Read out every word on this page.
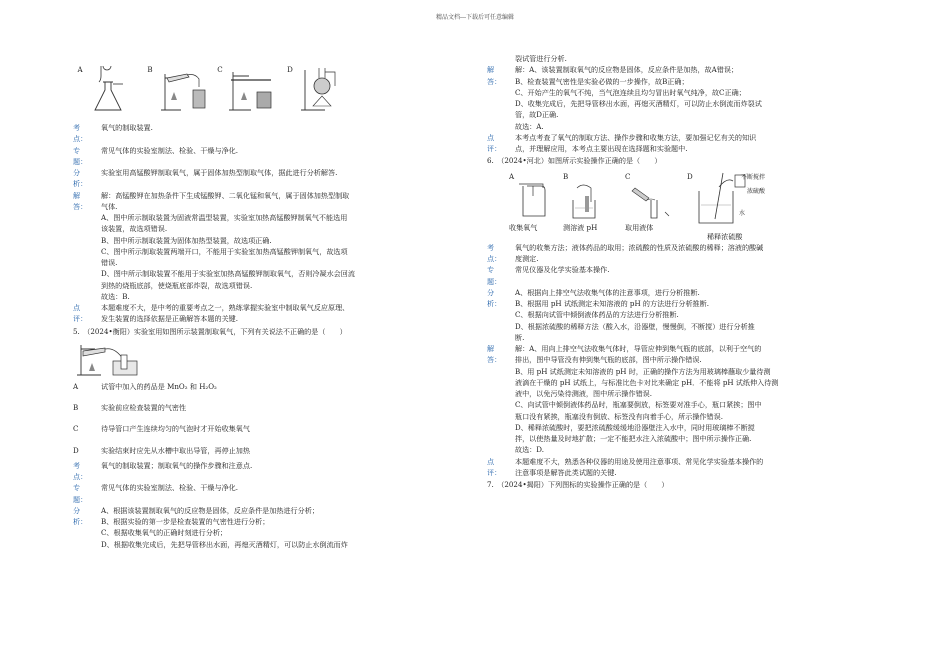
精品文档---下载后可任意编辑
A	B	C	D
考
点：
氧气的制取装置.
专
题：
常见气体的实验室制法、检验、干燥与净化.
分
析：
实验室用高锰酸钾制取氧气，属于固体加热型制取气体，据此进行分析解答.
解
答：
解：高锰酸钾在加热条件下生成锰酸钾、二氧化锰和氧气，属于固体加热型制取
气体.
A、图中所示制取装置为固液常温型装置，实验室加热高锰酸钾制氧气不能选用
该装置，故选项错误.
B、图中所示制取装置为固体加热型装置，故选项正确.
C、图中所示制取装置两端开口，不能用于实验室加热高锰酸钾制氧气，故选项
错误.
D、图中所示制取装置不能用于实验室加热高锰酸钾制取氧气，否则冷凝水会回流
到热的烧瓶底部，使烧瓶底部炸裂，故选项错误.
故选：B.
点
评：
本题难度不大，是中考的重要考点之一，熟练掌握实验室中制取氧气反应原理、
发生装置的选择依据是正确解答本题的关键.
5.　（2024•衡阳）实验室用如图所示装置制取氧气，下列有关说法不正确的是（　　）
A	试管中加入的药品是 MnO₂ 和 H₂O₂
B	实验前应检查装置的气密性
C	待导管口产生连续均匀的气泡时才开始收集氧气
D	实验结束时应先从水槽中取出导管，再停止加热
考
点：
氧气的制取装置；制取氧气的操作步骤和注意点.
专
题：
常见气体的实验室制法、检验、干燥与净化.
分
析：
A、根据该装置制取氧气的反应物是固体，反应条件是加热进行分析；
B、根据实验的第一步是检查装置的气密性进行分析；
C、根据收集氧气的正确时刻进行分析；
D、根据收集完成后，先把导管移出水面，再熄灭酒精灯，可以防止水倒流而炸
裂试管进行分析.
解
答：
解：A、该装置制取氧气的反应物是固体，反应条件是加热，故A错误；
B、检查装置气密性是实验必做的一步操作，故B正确；
C、开始产生的氧气不纯，当气泡连续且均匀冒出时氧气纯净，故C正确；
D、收集完成后，先把导管移出水面，再熄灭酒精灯，可以防止水倒流而炸裂试
管，故D正确.
故选：A.
点
评：
本考点考查了氧气的制取方法、操作步骤和收集方法，要加强记忆有关的知识
点，并理解应用，本考点主要出现在选择题和实验题中.
6.　（2024•河北）如图所示实验操作正确的是（　　）
A
收集氧气
B
测溶液 pH
C
取用液体
D	不断搅拌
浓硫酸
水
稀释浓硫酸
考
点：
氧气的收集方法；液体药品的取用；浓硫酸的性质及浓硫酸的稀释；溶液的酸碱
度测定.
专
题：
常见仪器及化学实验基本操作.
分
析：
A、根据向上排空气法收集气体的注意事项，进行分析推断.
B、根据用 pH 试纸测定未知溶液的 pH 的方法进行分析推断.
C、根据向试管中倾倒液体药品的方法进行分析推断.
D、根据浓硫酸的稀释方法（酸入水，沿器壁，慢慢倒，不断搅）进行分析推
断.
解
答：
解：A、用向上排空气法收集气体时，导管应伸到集气瓶的底部，以利于空气的
排出，图中导管没有伸到集气瓶的底部，图中所示操作错误.
B、用 pH 试纸测定未知溶液的 pH 时，正确的操作方法为用玻璃棒蘸取少量待测
液滴在干燥的 pH 试纸上，与标准比色卡对比来确定 pH．不能将 pH 试纸伸入待测
液中，以免污染待测液，图中所示操作错误.
C、向试管中倾倒液体药品时，瓶塞要倒放，标签要对准手心，瓶口紧挨；图中
瓶口没有紧挨，瓶塞没有倒放、标签没有向着手心，所示操作错误.
D、稀释浓硫酸时，要把浓硫酸缓缓地沿器壁注入水中，同时用玻璃棒不断搅
拌，以使热量及时地扩散；一定不能把水注入浓硫酸中；图中所示操作正确.
故选：D.
点
评：
本题难度不大，熟悉各种仪器的用途及使用注意事项、常见化学实验基本操作的
注意事项是解答此类试题的关键.
7.　（2024•揭阳）下列图标的实验操作正确的是（　　）
